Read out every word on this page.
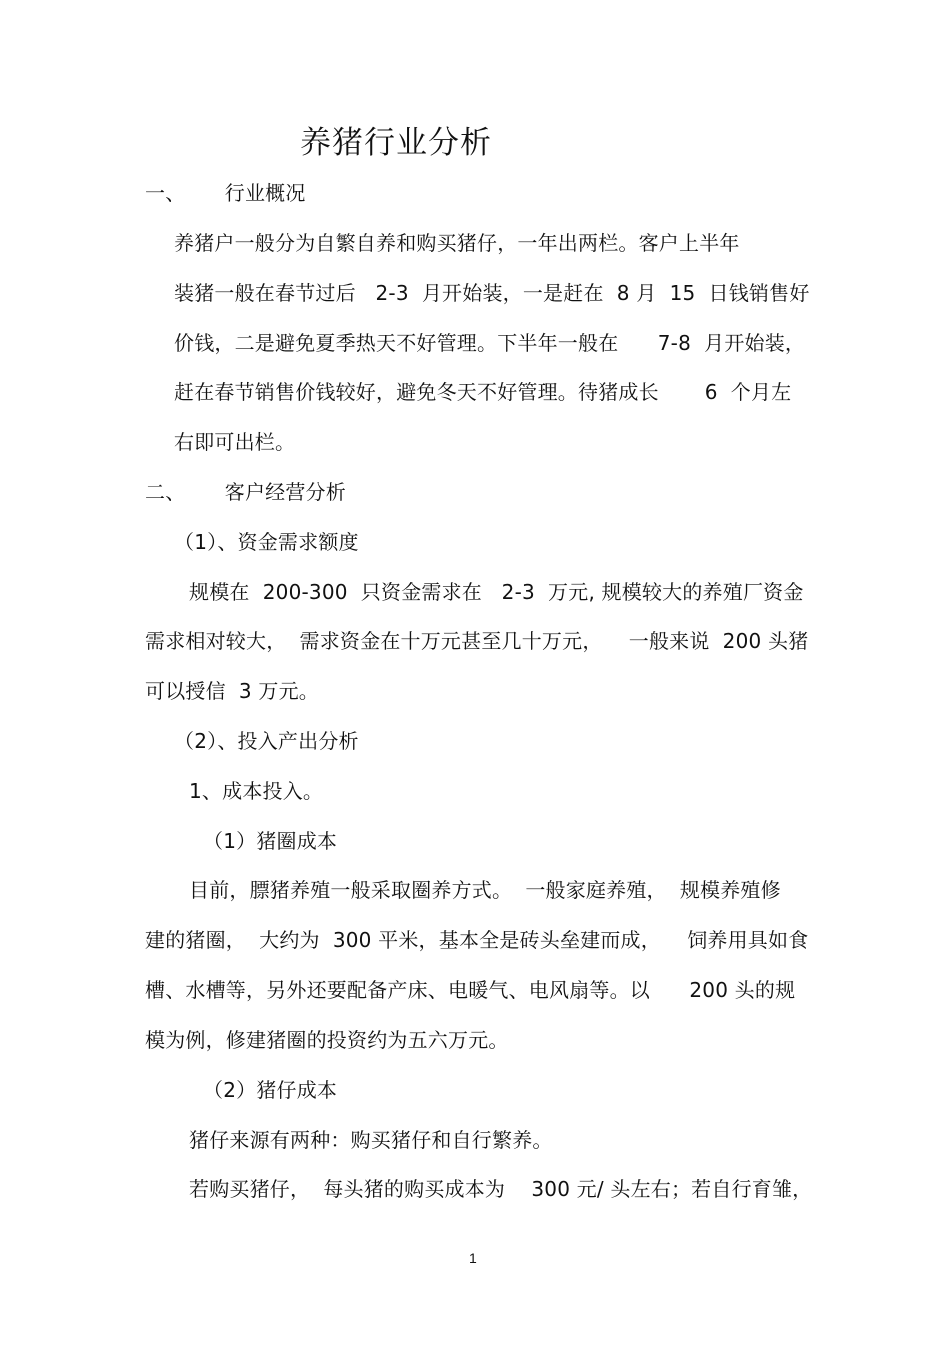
养猪行业分析
一、      行业概况
养猪户一般分为自繁自养和购买猪仔，一年出两栏。客户上半年
装猪一般在春节过后   2-3  月开始装，一是赶在  8 月  15  日钱销售好
价钱，二是避免夏季热天不好管理。下半年一般在      7-8  月开始装，
赶在春节销售价钱较好，避免冬天不好管理。待猪成长       6  个月左
右即可出栏。
二、      客户经营分析
（1）、资金需求额度
规模在  200-300  只资金需求在   2-3  万元, 规模较大的养殖厂资金
需求相对较大，  需求资金在十万元甚至几十万元，    一般来说  200 头猪
可以授信  3 万元。
（2）、投入产出分析
1、成本投入。
（1）猪圈成本
目前，膘猪养殖一般采取圈养方式。  一般家庭养殖，  规模养殖修
建的猪圈，  大约为  300 平米，基本全是砖头垒建而成，    饲养用具如食
槽、水槽等，另外还要配备产床、电暖气、电风扇等。以      200 头的规
模为例，修建猪圈的投资约为五六万元。
（2）猪仔成本
猪仔来源有两种：购买猪仔和自行繁养。
若购买猪仔，  每头猪的购买成本为    300 元/ 头左右；若自行育雏，
1
